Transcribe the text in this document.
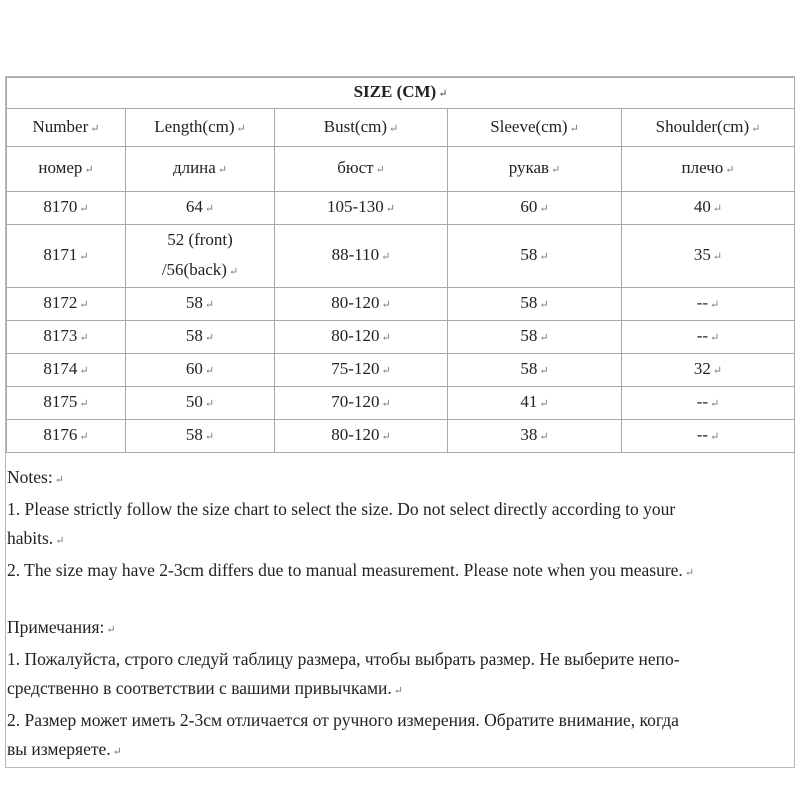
SIZE (CM) ↵				
Number ↵	Length(cm) ↵	Bust(cm) ↵	Sleeve(cm) ↵	Shoulder(cm) ↵
номер ↵	длина ↵	бюст ↵	рукав ↵	плечо ↵
8170 ↵	64 ↵	105-130 ↵	60 ↵	40 ↵
8171 ↵	52 (front)
/56(back) ↵	88-110 ↵	58 ↵	35 ↵
8172 ↵	58 ↵	80-120 ↵	58 ↵	-- ↵
8173 ↵	58 ↵	80-120 ↵	58 ↵	-- ↵
8174 ↵	60 ↵	75-120 ↵	58 ↵	32 ↵
8175 ↵	50 ↵	70-120 ↵	41 ↵	-- ↵
8176 ↵	58 ↵	80-120 ↵	38 ↵	-- ↵

Notes: ↵

1. Please strictly follow the size chart to select the size. Do not select directly according to your

habits. ↵

2. The size may have 2-3cm differs due to manual measurement. Please note when you measure. ↵

Примечания: ↵

1. Пожалуйста, строго следуй таблицу размера, чтобы выбрать размер. Не выберите непо-

средственно в соответствии с вашими привычками. ↵

2. Размер может иметь 2-3см отличается от ручного измерения. Обратите внимание, когда

вы измеряете. ↵
